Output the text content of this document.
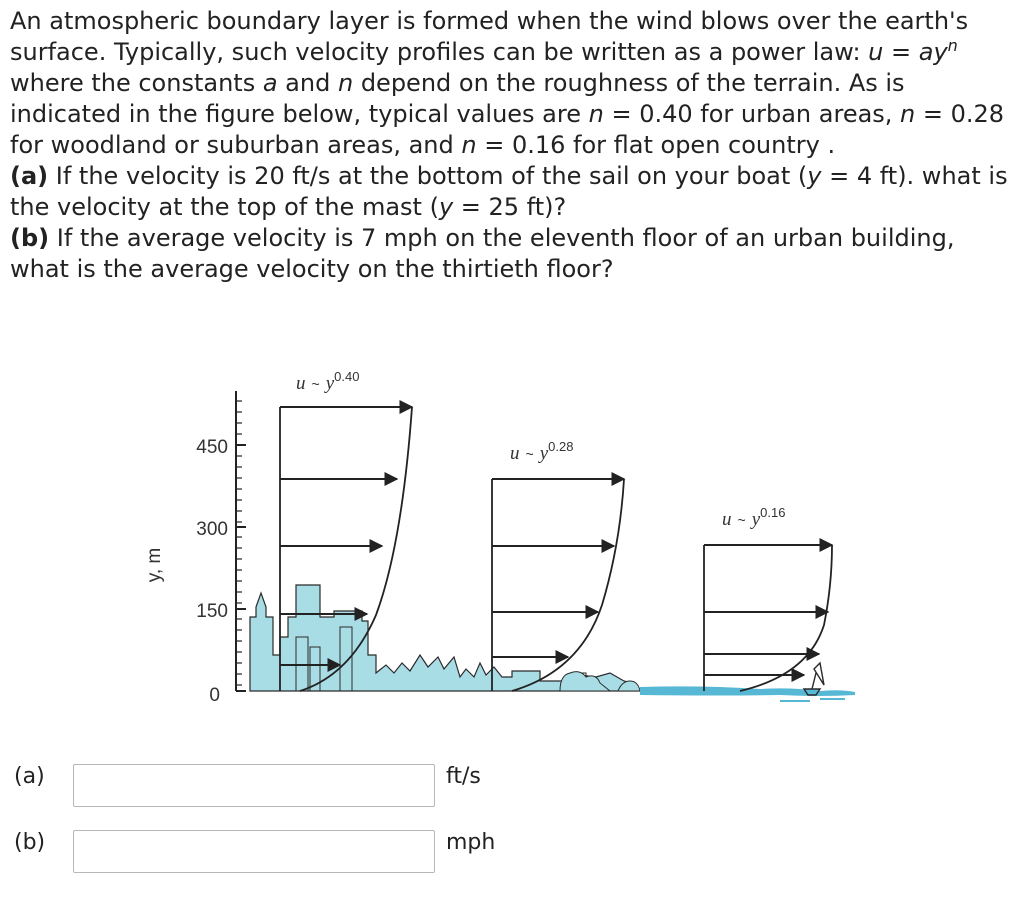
An atmospheric boundary layer is formed when the wind blows over the earth's surface. Typically, such velocity profiles can be written as a power law: $u = ay^n$ where the constants a and n depend on the roughness of the terrain. As is indicated in the figure below, typical values are n = 0.40 for urban areas, n = 0.28 for woodland or suburban areas, and n = 0.16 for flat open country .

(a) If the velocity is 20 ft/s at the bottom of the sail on your boat (y = 4 ft). what is the velocity at the top of the mast (y = 25 ft)?

(b) If the average velocity is 7 mph on the eleventh floor of an urban building, what is the average velocity on the thirtieth floor?

y, m
450
300
150
0
u ~ $y^{0.40}$
u ~ $y^{0.28}$
u ~ $y^{0.16}$
(a)	ft/s
(b)	mph
